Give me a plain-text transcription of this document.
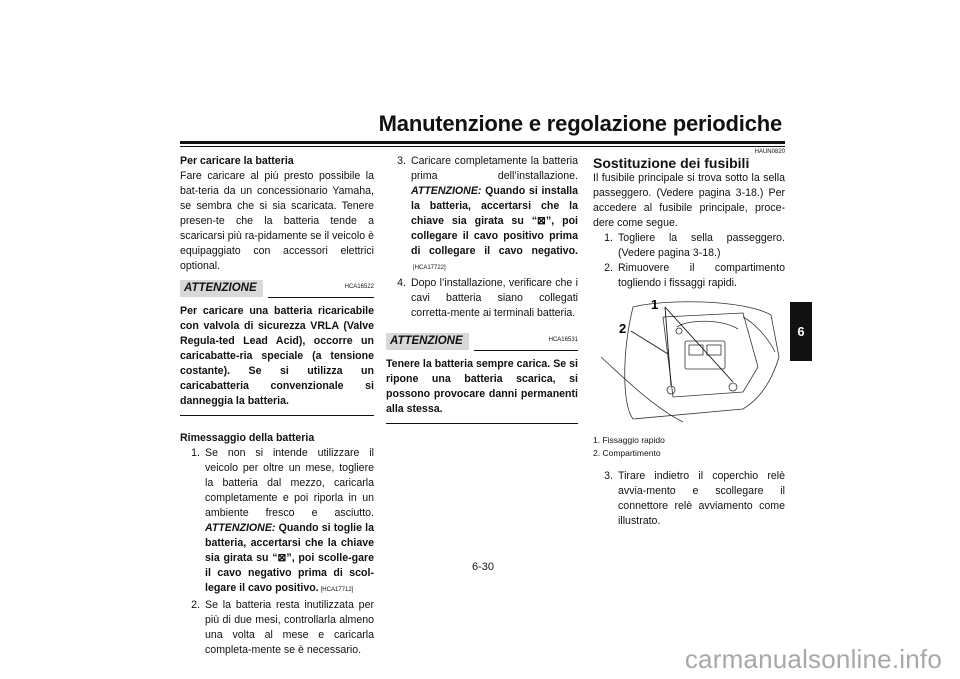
Manutenzione e regolazione periodiche
6

Per caricare la batteria

Fare caricare al più presto possibile la bat-teria da un concessionario Yamaha, se sembra che si sia scaricata. Tenere presen-te che la batteria tende a scaricarsi più ra-pidamente se il veicolo è equipaggiato con accessori elettrici optional.

ATTENZIONE	HCA16522

Per caricare una batteria ricaricabile con valvola di sicurezza VRLA (Valve Regula-ted Lead Acid), occorre un caricabatte-ria speciale (a tensione costante). Se si utilizza un caricabatteria convenzionale si danneggia la batteria.

Rimessaggio della batteria

1. Se non si intende utilizzare il veicolo per oltre un mese, togliere la batteria dal mezzo, caricarla completamente e poi riporla in un ambiente fresco e asciutto. ATTENZIONE: Quando si toglie la batteria, accertarsi che la chiave sia girata su “⊠”, poi scolle-gare il cavo negativo prima di scol-legare il cavo positivo. [HCA17712]
2. Se la batteria resta inutilizzata per più di due mesi, controllarla almeno una volta al mese e caricarla completa-mente se è necessario.
3. Caricare completamente la batteria prima dell’installazione. ATTENZIONE: Quando si installa la batteria, accertarsi che la chiave sia girata su “⊠”, poi collegare il cavo positivo prima di collegare il cavo negativo.[HCA17722]
4. Dopo l’installazione, verificare che i cavi batteria siano collegati corretta-mente ai terminali batteria.
ATTENZIONE	HCA16531

Tenere la batteria sempre carica. Se si ripone una batteria scarica, si possono provocare danni permanenti alla stessa.

HAUN0820
Sostituzione dei fusibili

Il fusibile principale si trova sotto la sella passeggero. (Vedere pagina 3-18.) Per accedere al fusibile principale, proce-dere come segue.

1. Togliere la sella passeggero. (Vedere pagina 3-18.)
2. Rimuovere il compartimento togliendo i fissaggi rapidi.
1
2
1. Fissaggio rapido
2. Compartimento
3. Tirare indietro il coperchio relè avvia-mento e scollegare il connettore relè avviamento come illustrato.
6-30
carmanualsonline.info
